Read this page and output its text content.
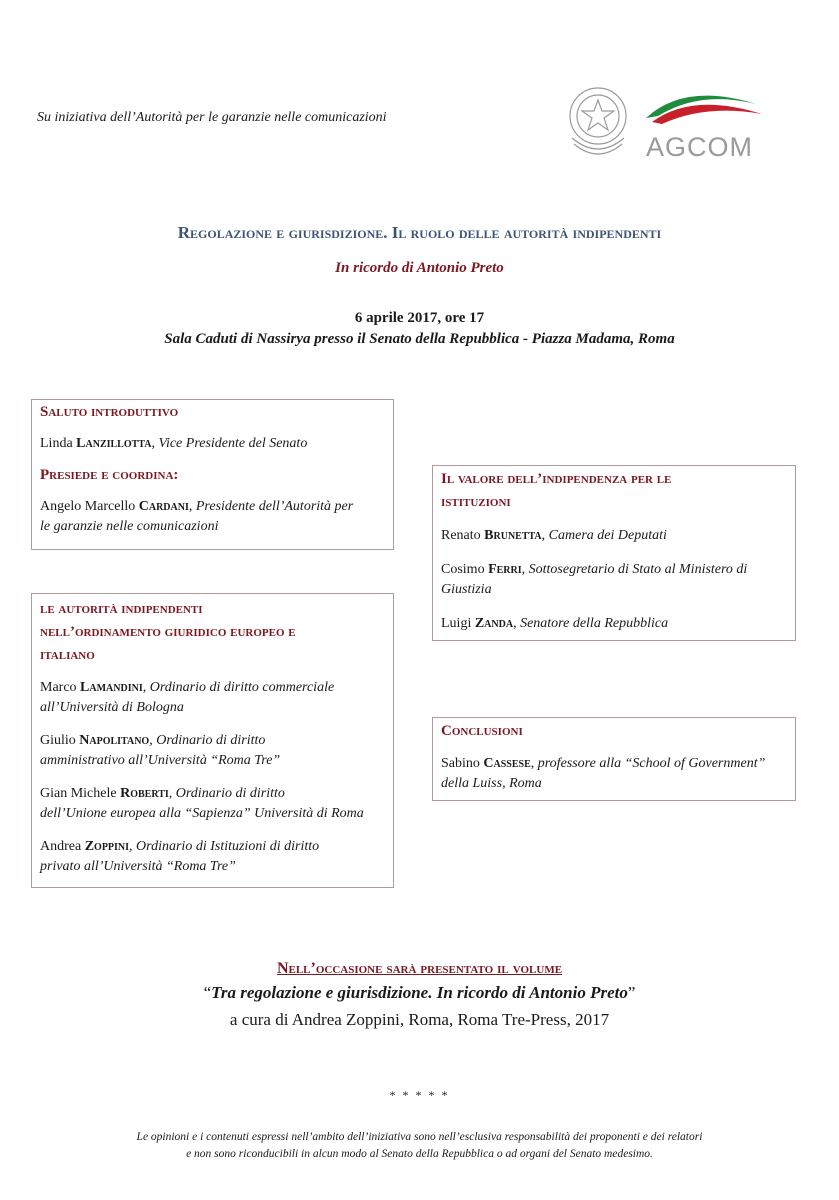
Su iniziativa dell’Autorità per le garanzie nelle comunicazioni
AGCOM
Regolazione e giurisdizione. Il ruolo delle autorità indipendenti
In ricordo di Antonio Preto
6 aprile 2017, ore 17
Sala Caduti di Nassirya presso il Senato della Repubblica - Piazza Madama, Roma
Saluto introduttivo
Linda Lanzillotta, Vice Presidente del Senato
Presiede e coordina:
Angelo Marcello Cardani, Presidente dell’Autorità per
le garanzie nelle comunicazioni
le autorità indipendenti
nell’ordinamento giuridico europeo e
italiano
Marco Lamandini, Ordinario di diritto commerciale
all’Università di Bologna
Giulio Napolitano, Ordinario di diritto
amministrativo all’Università “Roma Tre”
Gian Michele Roberti, Ordinario di diritto
dell’Unione europea alla “Sapienza” Università di Roma
Andrea Zoppini, Ordinario di Istituzioni di diritto
privato all’Università “Roma Tre”
Il valore dell’indipendenza per le
istituzioni
Renato Brunetta, Camera dei Deputati
Cosimo Ferri, Sottosegretario di Stato al Ministero di
Giustizia
Luigi Zanda, Senatore della Repubblica
Conclusioni
Sabino Cassese, professore alla “School of Government”
della Luiss, Roma
Nell’occasione sarà presentato il volume
“Tra regolazione e giurisdizione. In ricordo di Antonio Preto”
a cura di Andrea Zoppini, Roma, Roma Tre-Press, 2017
* * * * *
Le opinioni e i contenuti espressi nell’ambito dell’iniziativa sono nell’esclusiva responsabilità dei proponenti e dei relatori
e non sono riconducibili in alcun modo al Senato della Repubblica o ad organi del Senato medesimo.
